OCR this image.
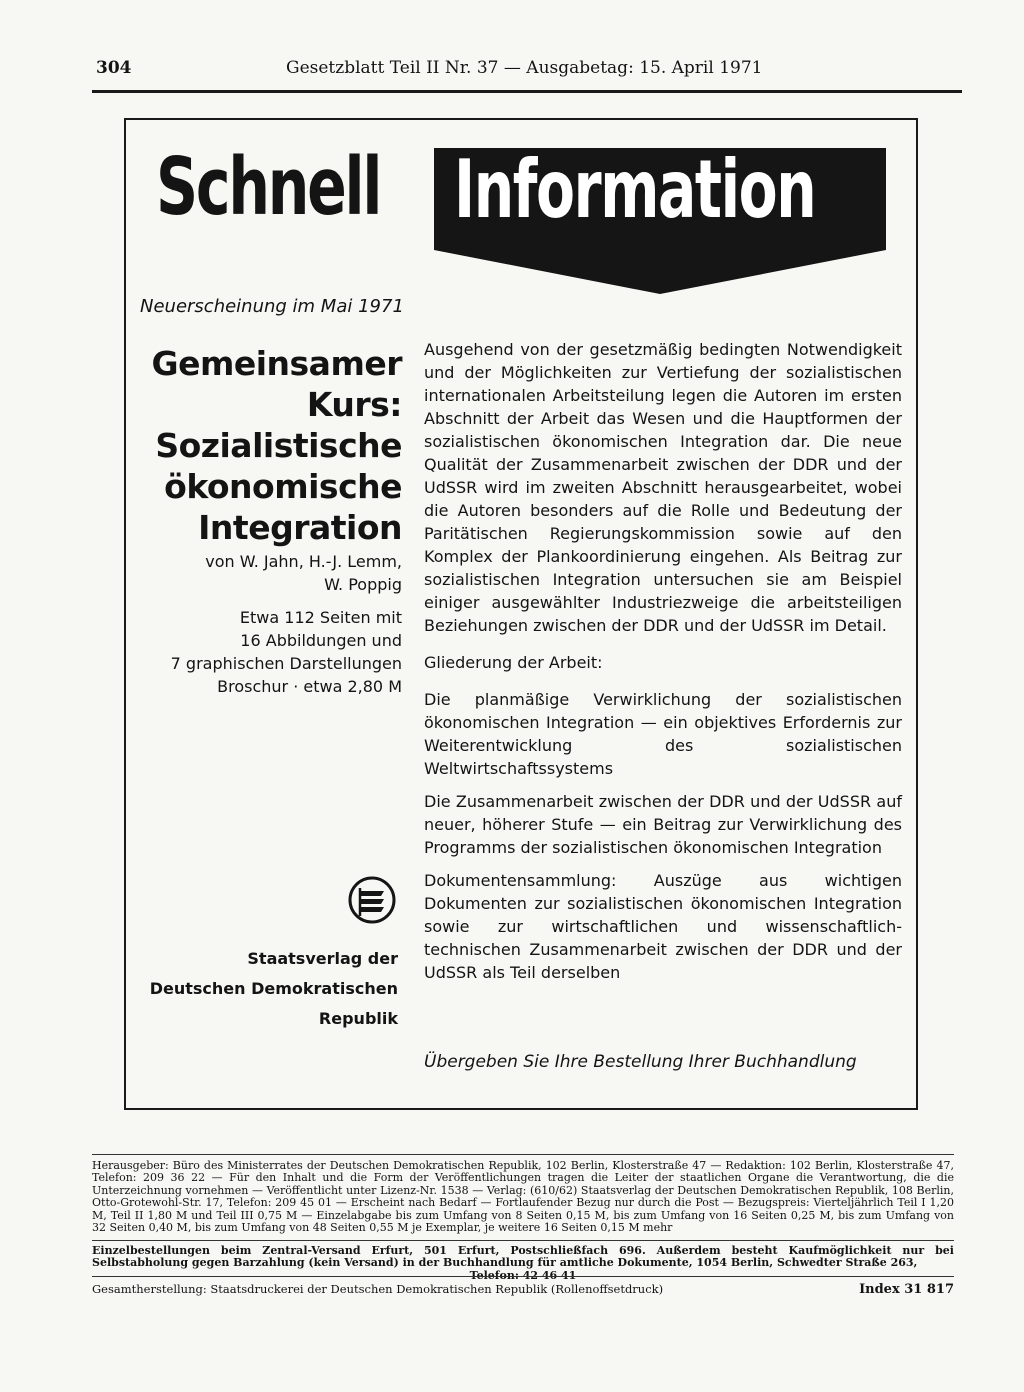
304	Gesetzblatt Teil II Nr. 37 — Ausgabetag: 15. April 1971
Schnell Information
Neuerscheinung im Mai 1971
Gemeinsamer
Kurs:
Sozialistische
ökonomische
Integration
von W. Jahn, H.-J. Lemm,
W. Poppig
Etwa 112 Seiten mit
16 Abbildungen und
7 graphischen Darstellungen
Broschur · etwa 2,80 M
Staatsverlag der
Deutschen Demokratischen
Republik

Ausgehend von der gesetzmäßig bedingten Notwendigkeit und der Möglichkeiten zur Vertiefung der sozialistischen internationalen Arbeitsteilung legen die Autoren im ersten Abschnitt der Arbeit das Wesen und die Hauptformen der sozialistischen ökonomischen Integration dar. Die neue Qualität der Zusammenarbeit zwischen der DDR und der UdSSR wird im zweiten Abschnitt herausgearbeitet, wobei die Autoren besonders auf die Rolle und Bedeutung der Paritätischen Regierungskommission sowie auf den Komplex der Plankoordinierung eingehen. Als Beitrag zur sozialistischen Integration untersuchen sie am Beispiel einiger ausgewählter Industriezweige die arbeitsteiligen Beziehungen zwischen der DDR und der UdSSR im Detail.

Gliederung der Arbeit:

Die planmäßige Verwirklichung der sozialistischen ökonomischen Integration — ein objektives Erfordernis zur Weiterentwicklung des sozialistischen Weltwirtschaftssystems

Die Zusammenarbeit zwischen der DDR und der UdSSR auf neuer, höherer Stufe — ein Beitrag zur Verwirklichung des Programms der sozialistischen ökonomischen Integration

Dokumentensammlung: Auszüge aus wichtigen Dokumenten zur sozialistischen ökonomischen Integration sowie zur wirtschaftlichen und wissenschaftlich-technischen Zusammenarbeit zwischen der DDR und der UdSSR als Teil derselben

Übergeben Sie Ihre Bestellung Ihrer Buchhandlung

Herausgeber: Büro des Ministerrates der Deutschen Demokratischen Republik, 102 Berlin, Klosterstraße 47 — Redaktion: 102 Berlin, Klosterstraße 47, Telefon: 209 36 22 — Für den Inhalt und die Form der Veröffentlichungen tragen die Leiter der staatlichen Organe die Verantwortung, die die Unterzeichnung vornehmen — Veröffentlicht unter Lizenz-Nr. 1538 — Verlag: (610/62) Staatsverlag der Deutschen Demokratischen Republik, 108 Berlin, Otto-Grotewohl-Str. 17, Telefon: 209 45 01 — Erscheint nach Bedarf — Fortlaufender Bezug nur durch die Post — Bezugspreis: Vierteljährlich Teil I 1,20 M, Teil II 1,80 M und Teil III 0,75 M — Einzelabgabe bis zum Umfang von 8 Seiten 0,15 M, bis zum Umfang von 16 Seiten 0,25 M, bis zum Umfang von 32 Seiten 0,40 M, bis zum Umfang von 48 Seiten 0,55 M je Exemplar, je weitere 16 Seiten 0,15 M mehr

Einzelbestellungen beim Zentral-Versand Erfurt, 501 Erfurt, Postschließfach 696. Außerdem besteht Kaufmöglichkeit nur bei Selbstabholung gegen Barzahlung (kein Versand) in der Buchhandlung für amtliche Dokumente, 1054 Berlin, Schwedter Straße 263,

Gesamtherstellung: Staatsdruckerei der Deutschen Demokratischen Republik (Rollenoffsetdruck)	Index 31 817
